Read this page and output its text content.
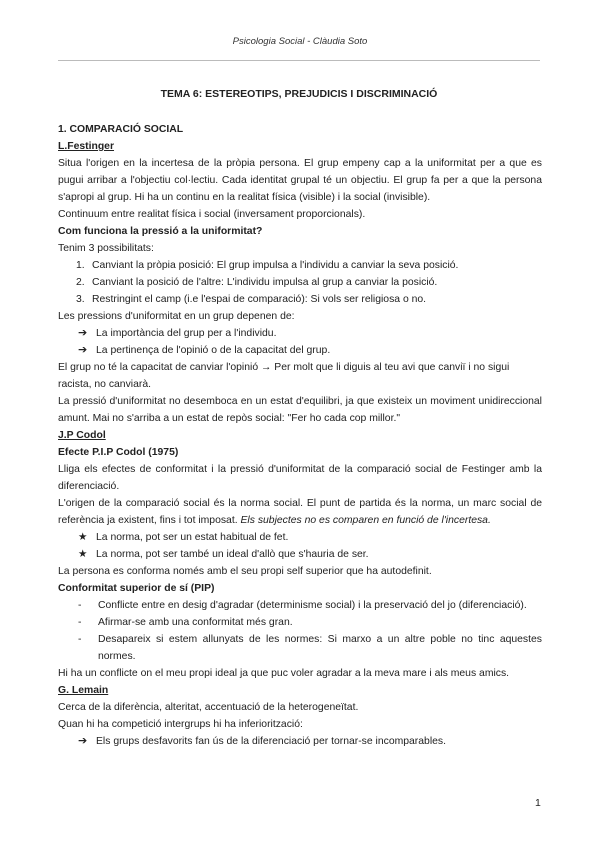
Psicologia Social - Clàudia Soto
TEMA 6: ESTEREOTIPS, PREJUDICIS I DISCRIMINACIÓ

1. COMPARACIÓ SOCIAL

L.Festinger

Situa l'origen en la incertesa de la pròpia persona. El grup empeny cap a la uniformitat per a que es pugui arribar a l'objectiu col·lectiu. Cada identitat grupal té un objectiu. El grup fa per a que la persona s'apropi al grup. Hi ha un continu en la realitat física (visible) i la social (invisible).

Continuum entre realitat física i social (inversament proporcionals).

Com funciona la pressió a la uniformitat?

Tenim 3 possibilitats:

1. Canviant la pròpia posició: El grup impulsa a l'individu a canviar la seva posició.
2. Canviant la posició de l'altre: L'individu impulsa al grup a canviar la posició.
3. Restringint el camp (i.e l'espai de comparació): Si vols ser religiosa o no.

Les pressions d'uniformitat en un grup depenen de:

➔ La importància del grup per a l'individu.
➔ La pertinença de l'opinió o de la capacitat del grup.

El grup no té la capacitat de canviar l'opinió → Per molt que li diguis al teu avi que canviï i no sigui racista, no canviarà.

La pressió d'uniformitat no desemboca en un estat d'equilibri, ja que existeix un moviment unidireccional amunt. Mai no s'arriba a un estat de repòs social: "Fer ho cada cop millor."

J.P Codol

Efecte P.I.P Codol (1975)

Lliga els efectes de conformitat i la pressió d'uniformitat de la comparació social de Festinger amb la diferenciació.

L'origen de la comparació social és la norma social. El punt de partida és la norma, un marc social de referència ja existent, fins i tot imposat. Els subjectes no es comparen en funció de l'incertesa.

★ La norma, pot ser un estat habitual de fet.
★ La norma, pot ser també un ideal d'allò que s'hauria de ser.

La persona es conforma només amb el seu propi self superior que ha autodefinit.

Conformitat superior de sí (PIP)

-	Conflicte entre en desig d'agradar (determinisme social) i la preservació del jo (diferenciació).
-	Afirmar-se amb una conformitat més gran.
-	Desapareix si estem allunyats de les normes: Si marxo a un altre poble no tinc aquestes normes.

Hi ha un conflicte on el meu propi ideal ja que puc voler agradar a la meva mare i als meus amics.

G. Lemain

Cerca de la diferència, alteritat, accentuació de la heterogeneïtat.

Quan hi ha competició intergrups hi ha inferiorització:

➔ Els grups desfavorits fan ús de la diferenciació per tornar-se incomparables.
1
